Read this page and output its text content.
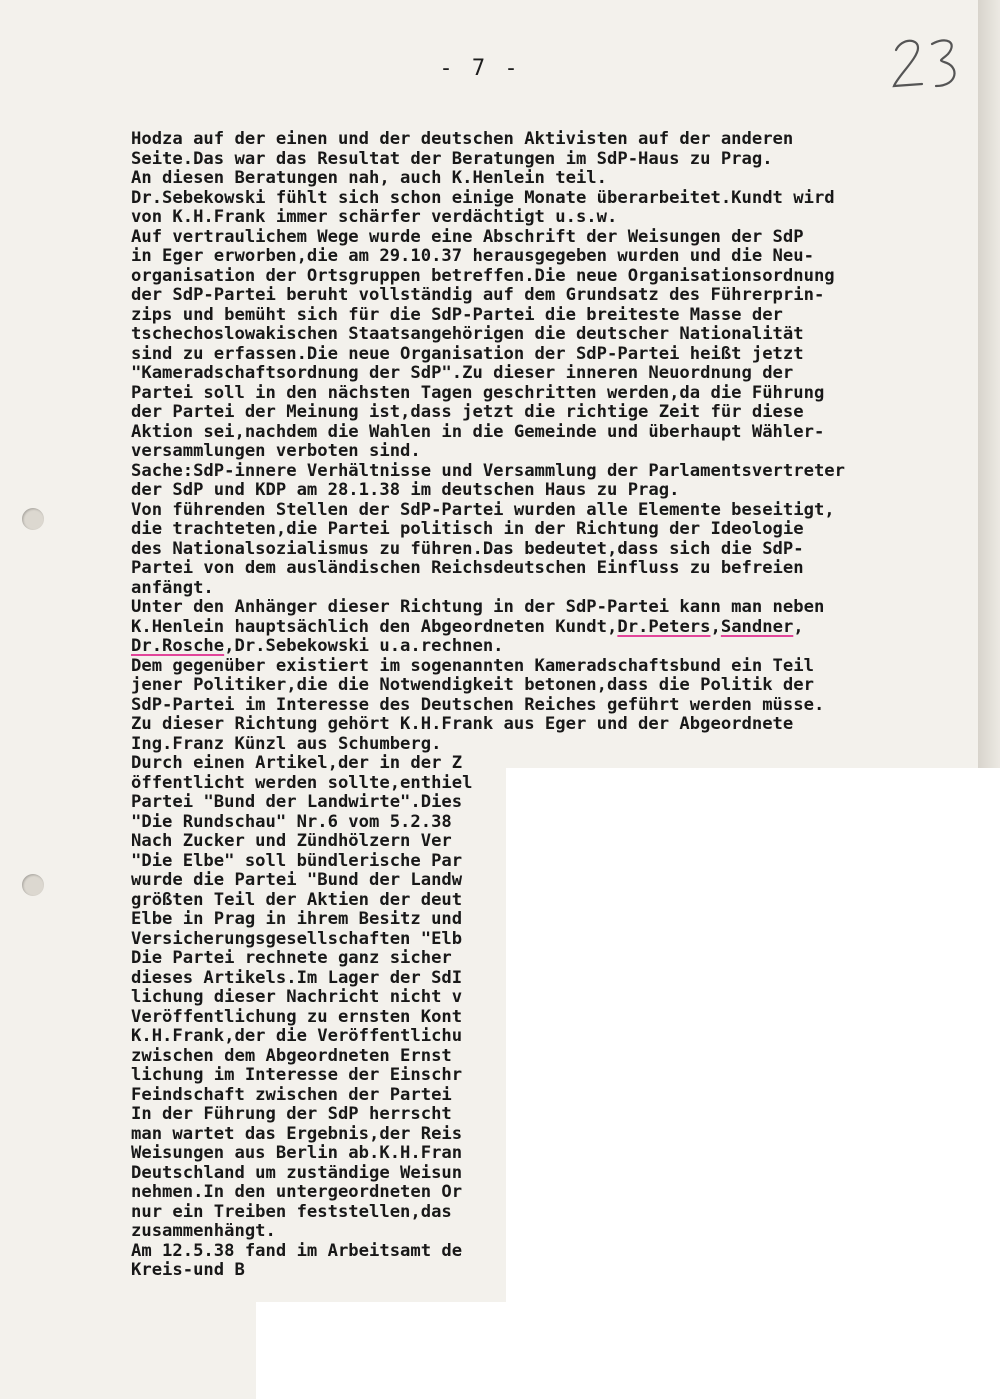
- 7 -
Hodza auf der einen und der deutschen Aktivisten auf der anderen
Seite.Das war das Resultat der Beratungen im SdP-Haus zu Prag.
An diesen Beratungen nah, auch K.Henlein teil.
Dr.Sebekowski fühlt sich schon einige Monate überarbeitet.Kundt wird
von K.H.Frank immer schärfer verdächtigt u.s.w.
Auf vertraulichem Wege wurde eine Abschrift der Weisungen der SdP
in Eger erworben,die am 29.10.37 herausgegeben wurden und die Neu-
organisation der Ortsgruppen betreffen.Die neue Organisationsordnung
der SdP-Partei beruht vollständig auf dem Grundsatz des Führerprin-
zips und bemüht sich für die SdP-Partei die breiteste Masse der
tschechoslowakischen Staatsangehörigen die deutscher Nationalität
sind zu erfassen.Die neue Organisation der SdP-Partei heißt jetzt
"Kameradschaftsordnung der SdP".Zu dieser inneren Neuordnung der
Partei soll in den nächsten Tagen geschritten werden,da die Führung
der Partei der Meinung ist,dass jetzt die richtige Zeit für diese
Aktion sei,nachdem die Wahlen in die Gemeinde und überhaupt Wähler-
versammlungen verboten sind.
Sache:SdP-innere Verhältnisse und Versammlung der Parlamentsvertreter
der SdP und KDP am 28.1.38 im deutschen Haus zu Prag.
Von führenden Stellen der SdP-Partei wurden alle Elemente beseitigt,
die trachteten,die Partei politisch in der Richtung der Ideologie
des Nationalsozialismus zu führen.Das bedeutet,dass sich die SdP-
Partei von dem ausländischen Reichsdeutschen Einfluss zu befreien
anfängt.
Unter den Anhänger dieser Richtung in der SdP-Partei kann man neben
K.Henlein hauptsächlich den Abgeordneten Kundt,Dr.Peters,Sandner,
Dr.Rosche,Dr.Sebekowski u.a.rechnen.
Dem gegenüber existiert im sogenannten Kameradschaftsbund ein Teil
jener Politiker,die die Notwendigkeit betonen,dass die Politik der
SdP-Partei im Interesse des Deutschen Reiches geführt werden müsse.
Zu dieser Richtung gehört K.H.Frank aus Eger und der Abgeordnete
Ing.Franz Künzl aus Schumberg.
Durch einen Artikel,der in der Z
öffentlicht werden sollte,enthiel
Partei "Bund der Landwirte".Dies
"Die Rundschau" Nr.6 vom 5.2.38
Nach Zucker und Zündhölzern Ver
"Die Elbe" soll bündlerische Par
wurde die Partei "Bund der Landw
größten Teil der Aktien der deut
Elbe in Prag in ihrem Besitz und
Versicherungsgesellschaften "Elb
Die Partei rechnete ganz sicher
dieses Artikels.Im Lager der SdI
lichung dieser Nachricht nicht v
Veröffentlichung zu ernsten Kont
K.H.Frank,der die Veröffentlichu
zwischen dem Abgeordneten Ernst
lichung im Interesse der Einschr
Feindschaft zwischen der Partei
In der Führung der SdP herrscht
man wartet das Ergebnis,der Reis
Weisungen aus Berlin ab.K.H.Fran
Deutschland um zuständige Weisun
nehmen.In den untergeordneten Or
nur ein Treiben feststellen,das
zusammenhängt.
Am 12.5.38 fand im Arbeitsamt de
Kreis-und B
